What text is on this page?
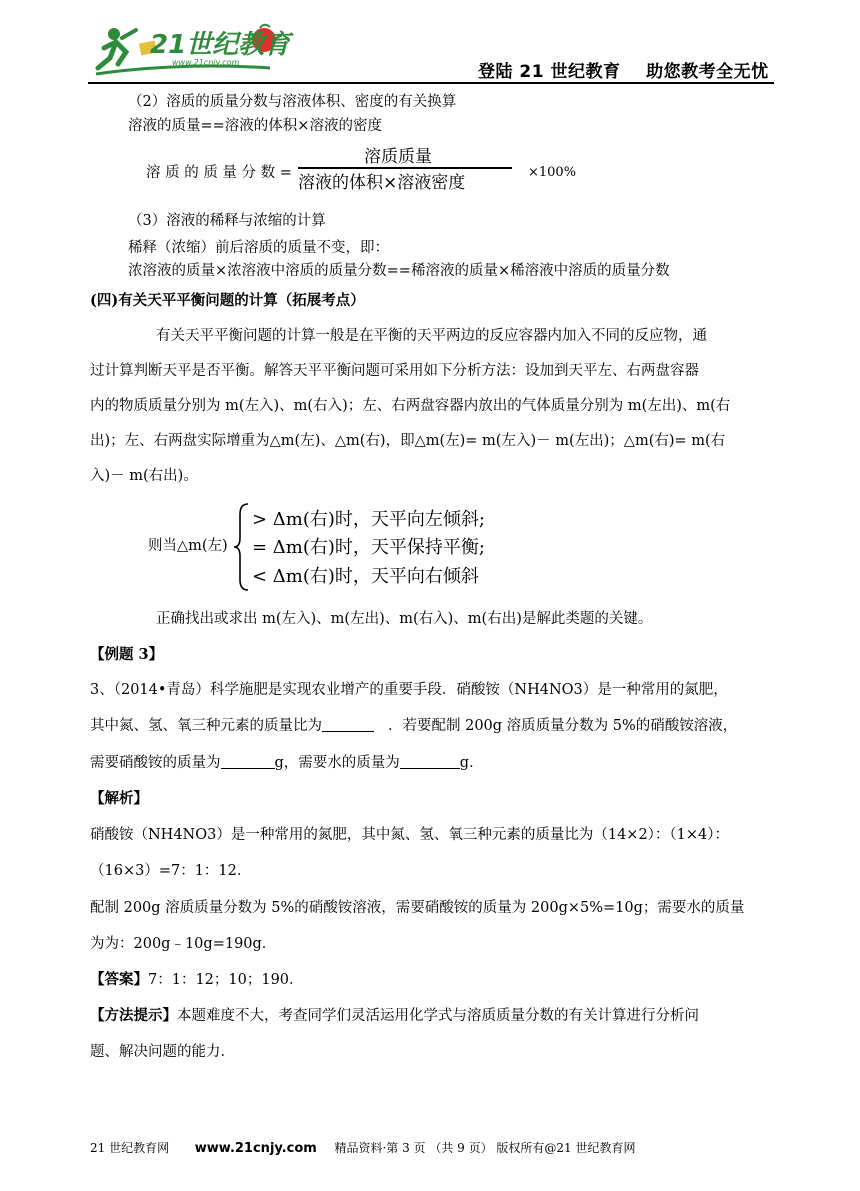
21世纪教育
www.21cnjy.com	登陆 21 世纪教育    助您教考全无忧
（2）溶质的质量分数与溶液体积、密度的有关换算
溶液的质量==溶液的体积×溶液的密度
溶 质 的 质 量 分 数 =
溶质质量
溶液的体积×溶液密度
×100%
（3）溶液的稀释与浓缩的计算
稀释（浓缩）前后溶质的质量不变，即：
浓溶液的质量×浓溶液中溶质的质量分数==稀溶液的质量×稀溶液中溶质的质量分数
(四)有关天平平衡问题的计算（拓展考点）
有关天平平衡问题的计算一般是在平衡的天平两边的反应容器内加入不同的反应物，通
过计算判断天平是否平衡。解答天平平衡问题可采用如下分析方法：设加到天平左、右两盘容器
内的物质质量分别为 m(左入)、m(右入)；左、右两盘容器内放出的气体质量分别为 m(左出)、m(右
出)；左、右两盘实际增重为△m(左)、△m(右)，即△m(左)= m(左入)－ m(左出)；△m(右)= m(右
入)－ m(右出)。
则当△m(左)
> Δm(右)时，天平向左倾斜;
= Δm(右)时，天平保持平衡;
< Δm(右)时，天平向右倾斜
正确找出或求出 m(左入)、m(左出)、m(右入)、m(右出)是解此类题的关键。
【例题 3】
3、（2014•青岛）科学施肥是实现农业增产的重要手段．硝酸铵（NH4NO3）是一种常用的氮肥，
其中氮、氢、氧三种元素的质量比为	．若要配制 200g 溶质质量分数为 5%的硝酸铵溶液，
需要硝酸铵的质量为	g，需要水的质量为	g．
【解析】
硝酸铵（NH4NO3）是一种常用的氮肥，其中氮、氢、氧三种元素的质量比为（14×2）：（1×4）：
（16×3）=7：1：12．
配制 200g 溶质质量分数为 5%的硝酸铵溶液，需要硝酸铵的质量为 200g×5%=10g；需要水的质量
为为：200g﹣10g=190g．
【答案】7：1：12；10；190．
【方法提示】本题难度不大，考查同学们灵活运用化学式与溶质质量分数的有关计算进行分析问
题、解决问题的能力．
21 世纪教育网 www.21cnjy.com 精品资料·第 3 页 （共 9 页） 版权所有@21 世纪教育网
